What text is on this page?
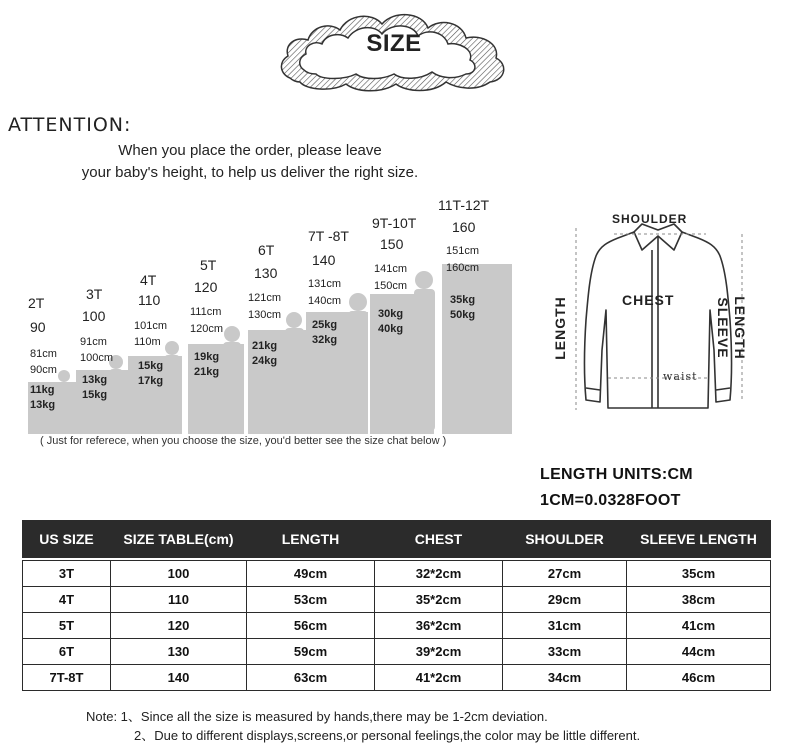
SIZE
ATTENTION:
When you place the order, please leave
your baby's height, to help us deliver the right size.
2T
90
81cm
90cm
11kg
13kg
3T
100
91cm
100cm
13kg
15kg
4T
110
101cm
110m
15kg
17kg
5T
120
111cm
120cm
19kg
21kg
6T
130
121cm
130cm
21kg
24kg
7T -8T
140
131cm
140cm
25kg
32kg
9T-10T
150
141cm
150cm
30kg
40kg
11T-12T
160
151cm
160cm
35kg
50kg
( Just for referece, when you choose the size, you'd better see the size chat below )
SHOULDER
CHEST
LENGTH	SLEEVE LENGTH
waist
LENGTH UNITS:CM
1CM=0.0328FOOT
US SIZE	SIZE TABLE(cm)	LENGTH	CHEST	SHOULDER	SLEEVE LENGTH

3T	100	49cm	32*2cm	27cm	35cm
4T	110	53cm	35*2cm	29cm	38cm
5T	120	56cm	36*2cm	31cm	41cm
6T	130	59cm	39*2cm	33cm	44cm
7T-8T	140	63cm	41*2cm	34cm	46cm
Note: 1、Since all the size is measured by hands,there may be 1-2cm deviation.
2、Due to different displays,screens,or personal feelings,the color may be little different.
